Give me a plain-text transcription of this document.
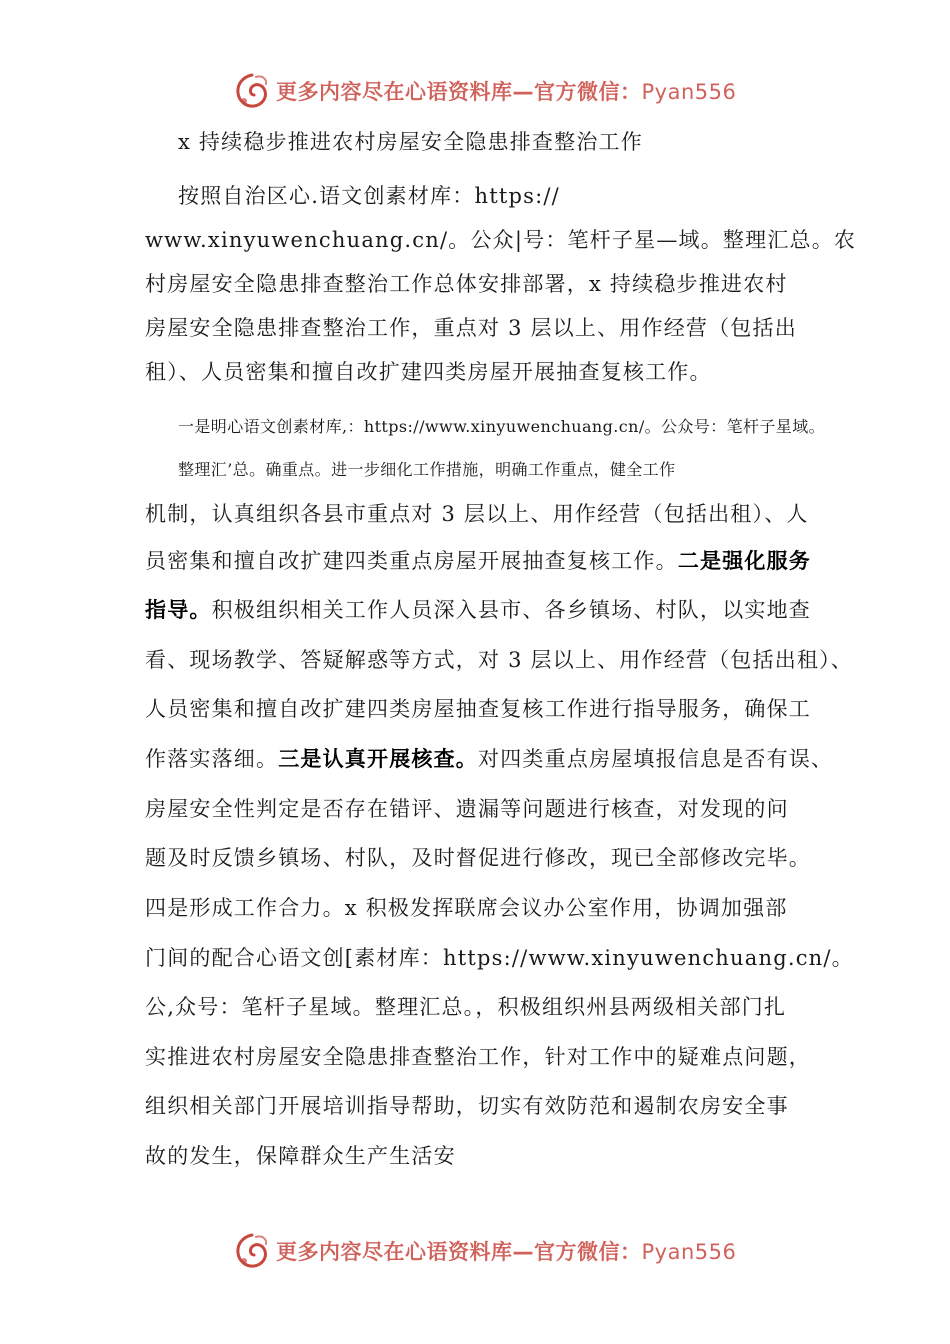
更多内容尽在心语资料库—官方微信：Pyan556
x 持续稳步推进农村房屋安全隐患排查整治工作
按照自治区心.语文创素材库：https://
www.xinyuwenchuang.cn/。公众|号：笔杆子星—域。整理汇总。农
村房屋安全隐患排查整治工作总体安排部署，x 持续稳步推进农村
房屋安全隐患排查整治工作，重点对 3 层以上、用作经营（包括出
租）、人员密集和擅自改扩建四类房屋开展抽查复核工作。
一是明心语文创素材库,：https://www.xinyuwenchuang.cn/。公众号：笔杆子星域。
整理汇’总。确重点。进一步细化工作措施，明确工作重点，健全工作
机制，认真组织各县市重点对 3 层以上、用作经营（包括出租）、人
员密集和擅自改扩建四类重点房屋开展抽查复核工作。二是强化服务
指导。积极组织相关工作人员深入县市、各乡镇场、村队，以实地查
看、现场教学、答疑解惑等方式，对 3 层以上、用作经营（包括出租）、
人员密集和擅自改扩建四类房屋抽查复核工作进行指导服务，确保工
作落实落细。三是认真开展核查。对四类重点房屋填报信息是否有误、
房屋安全性判定是否存在错评、遗漏等问题进行核查，对发现的问
题及时反馈乡镇场、村队，及时督促进行修改，现已全部修改完毕。
四是形成工作合力。x 积极发挥联席会议办公室作用，协调加强部
门间的配合心语文创[素材库：https://www.xinyuwenchuang.cn/。
公,众号：笔杆子星域。整理汇总。，积极组织州县两级相关部门扎
实推进农村房屋安全隐患排查整治工作，针对工作中的疑难点问题，
组织相关部门开展培训指导帮助，切实有效防范和遏制农房安全事
故的发生，保障群众生产生活安
更多内容尽在心语资料库—官方微信：Pyan556
